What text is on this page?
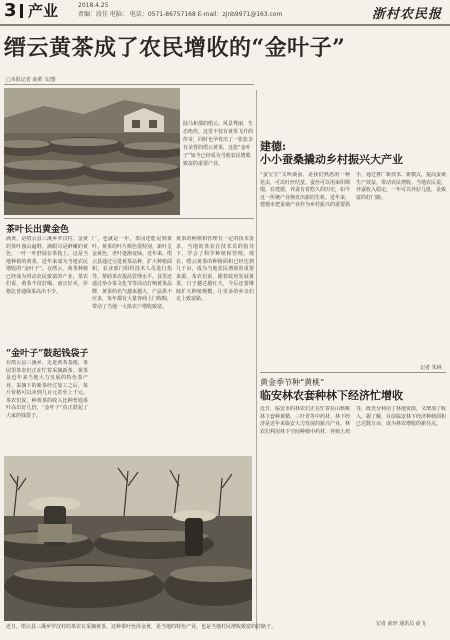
3 产业	2018.4.25
责编：段佳 电脑： 电话：0571-86757168 E-mail：zjnb9971@163.com	浙村农民报
缙云黄茶成了农民增收的“金叶子”
□本报记者 俞黄 文/图

陆马和那的缙云，风景秀丽，生态绝佳，这里不仅有黄茶飞升的传奇，同时也孕育出了一张张享有美誉的缙云黄茶，这张“金叶子”如今已经成为当地农民增收致富的重要产业。

茶叶长出黄金色
满黄，是缙云县三溪乡罗汉村。金黄的茶叶漫山遍野，满眼尽是鲜嫩的黄色，一叶一叶舒展在茶枝上。这是当地种植的黄茶，近年来成为当地农民增收的“金叶子”。在缙云，黄茶种植已经成为带动农民致富的产业，茶农们说，黄茶不仅好喝，而且好卖，价格比普通绿茶高出不少。
“金叶子”鼓起钱袋子
在缙云县三溪乡，走进黄茶基地，茶园里茶农们正在忙着采摘新茶。黄茶是近年来当地大力发展的特色茶产业，采摘下的新茶经过加工之后，每斤价格可以卖到几百元甚至上千元。茶农们说，种黄茶的收入比种普通茶叶高出好几倍，“金叶子”真正鼓起了大家的钱袋子。
广，也就是一年，茶园还能见到黄叶。黄茶的叶片颜色很特别，新叶呈金黄色，老叶逐渐变绿。近年来，缙云县通过引进黄茶品种，扩大种植面积，农业部门组织技术人员进行指导，帮助茶农提高管理水平。县里还通过举办茶文化节等活动打响黄茶品牌，黄茶的名气越来越大，产品供不应求，每年都有大量客商上门收购，带动了当地一大批农户增收致富。
黄茶的种植和管理有一定的技术要求，当地的茶农在技术员的指导下，学会了科学种植和管理。现在，缙云黄茶的种植面积已经达到几千亩，成为当地农民增收的重要来源。茶农们说，跟着政府发展黄茶，日子越过越红火，今后还要继续扩大种植规模，让更多的乡亲们走上致富路。
近日，缙云县三溪乡罗汉村的茶农在采摘黄茶，这种茶叶色泽金黄，是当地的特色产业，也是当地村民增收致富的好路子。
建德:
小小蚕桑撬动乡村振兴大产业
“蚕宝宝”又叫桑蚕，是我们熟悉的一种昆虫，可以吐丝结茧，蚕丝可以用来织绸缎。在建德，养蚕有着悠久的历史，如今这一传统产业焕发出新的生机。近年来，建德市把蚕桑产业作为乡村振兴的重要抓手，通过推广新技术、新模式，提高蚕桑生产效益，带动农民增收。当地农民说，养蚕收入稳定，一年可以养好几批，是致富的好门路。
记者 朱林
黄金季节种“黄桃”
临安林农套种林下经济忙增收
近日，临安市的林农们正在忙着在山核桃林下套种黄精、三叶青等中药材。林下经济是近年来临安大力发展的新兴产业，林农们利用林下空间种植中药材、养殖土鸡等，既充分利用了林地资源，又增加了收入。据了解，目前临安林下经济种植面积已达数万亩，成为林农增收的新亮点。
记者 俞珍 通讯员 俞飞
